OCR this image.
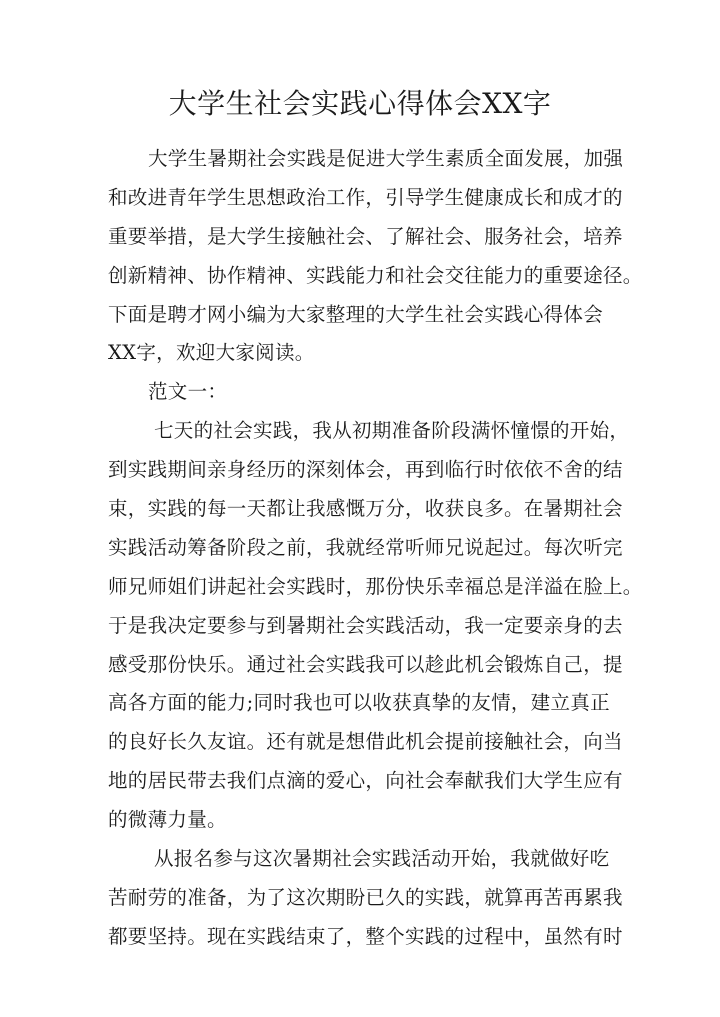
大学生社会实践心得体会XX字
大学生暑期社会实践是促进大学生素质全面发展，加强
和改进青年学生思想政治工作，引导学生健康成长和成才的
重要举措，是大学生接触社会、了解社会、服务社会，培养
创新精神、协作精神、实践能力和社会交往能力的重要途径。
下面是聘才网小编为大家整理的大学生社会实践心得体会
XX字，欢迎大家阅读。
范文一：
七天的社会实践，我从初期准备阶段满怀憧憬的开始，
到实践期间亲身经历的深刻体会，再到临行时依依不舍的结
束，实践的每一天都让我感慨万分，收获良多。在暑期社会
实践活动筹备阶段之前，我就经常听师兄说起过。每次听完
师兄师姐们讲起社会实践时，那份快乐幸福总是洋溢在脸上。
于是我决定要参与到暑期社会实践活动，我一定要亲身的去
感受那份快乐。通过社会实践我可以趁此机会锻炼自己，提
高各方面的能力;同时我也可以收获真挚的友情，建立真正
的良好长久友谊。还有就是想借此机会提前接触社会，向当
地的居民带去我们点滴的爱心，向社会奉献我们大学生应有
的微薄力量。
从报名参与这次暑期社会实践活动开始，我就做好吃
苦耐劳的准备，为了这次期盼已久的实践，就算再苦再累我
都要坚持。现在实践结束了，整个实践的过程中，虽然有时
